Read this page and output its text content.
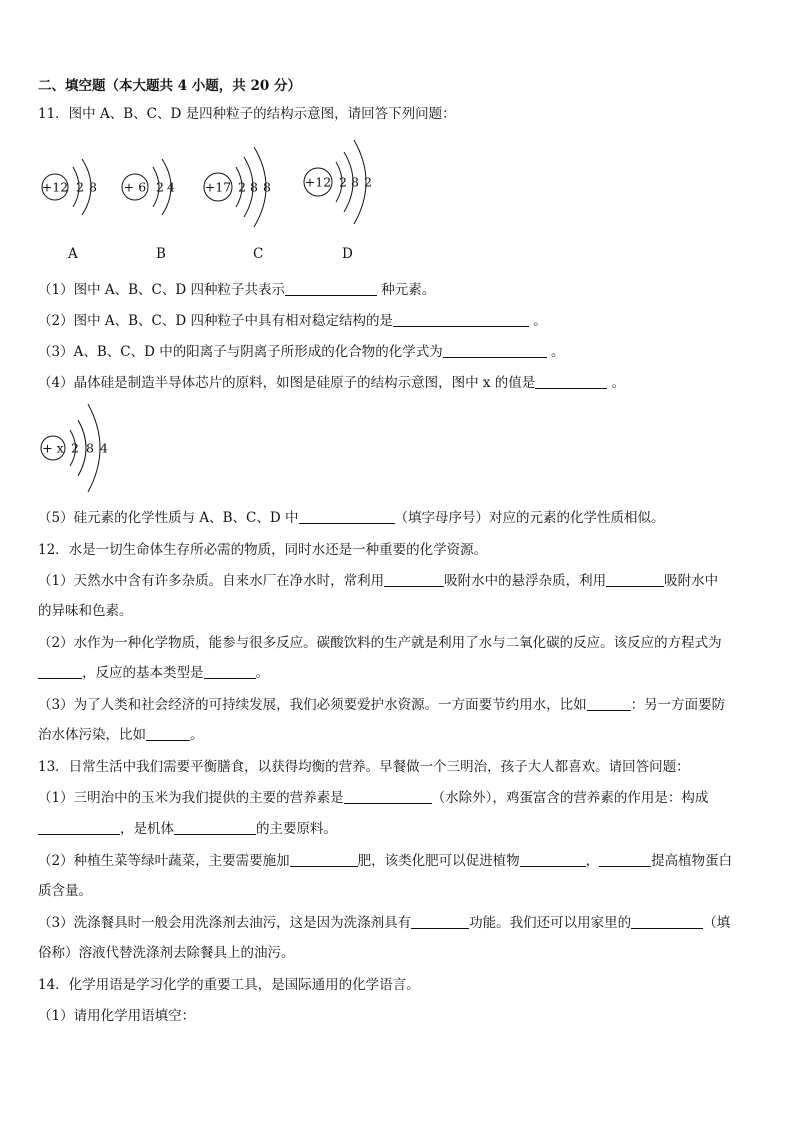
二、填空题（本大题共 4 小题，共 20 分）
11．图中 A、B、C、D 是四种粒子的结构示意图，请回答下列问题：
+12 2 8
A
+ 6 2 4
B
+17 2 8 8
C
+12 2 8 2
D
（1）图中 A、B、C、D 四种粒子共表示	种元素。
（2）图中 A、B、C、D 四种粒子中具有相对稳定结构的是	。
（3）A、B、C、D 中的阳离子与阴离子所形成的化合物的化学式为	。
（4）晶体硅是制造半导体芯片的原料，如图是硅原子的结构示意图，图中 x 的值是	。
+ x 2 8 4
（5）硅元素的化学性质与 A、B、C、D 中	（填字母序号）对应的元素的化学性质相似。
12．水是一切生命体生存所必需的物质，同时水还是一种重要的化学资源。
（1）天然水中含有许多杂质。自来水厂在净水时，常利用	吸附水中的悬浮杂质，利用	吸附水中
的异味和色素。
（2）水作为一种化学物质，能参与很多反应。碳酸饮料的生产就是利用了水与二氧化碳的反应。该反应的方程式为
，反应的基本类型是	。
（3）为了人类和社会经济的可持续发展，我们必须要爱护水资源。一方面要节约用水，比如	：另一方面要防
治水体污染，比如	。
13．日常生活中我们需要平衡膳食，以获得均衡的营养。早餐做一个三明治，孩子大人都喜欢。请回答问题：
（1）三明治中的玉米为我们提供的主要的营养素是	（水除外），鸡蛋富含的营养素的作用是：构成
，是机体	的主要原料。
（2）种植生菜等绿叶蔬菜，主要需要施加	肥，该类化肥可以促进植物	，	提高植物蛋白
质含量。
（3）洗涤餐具时一般会用洗涤剂去油污，这是因为洗涤剂具有	功能。我们还可以用家里的	（填
俗称）溶液代替洗涤剂去除餐具上的油污。
14．化学用语是学习化学的重要工具，是国际通用的化学语言。
（1）请用化学用语填空：
